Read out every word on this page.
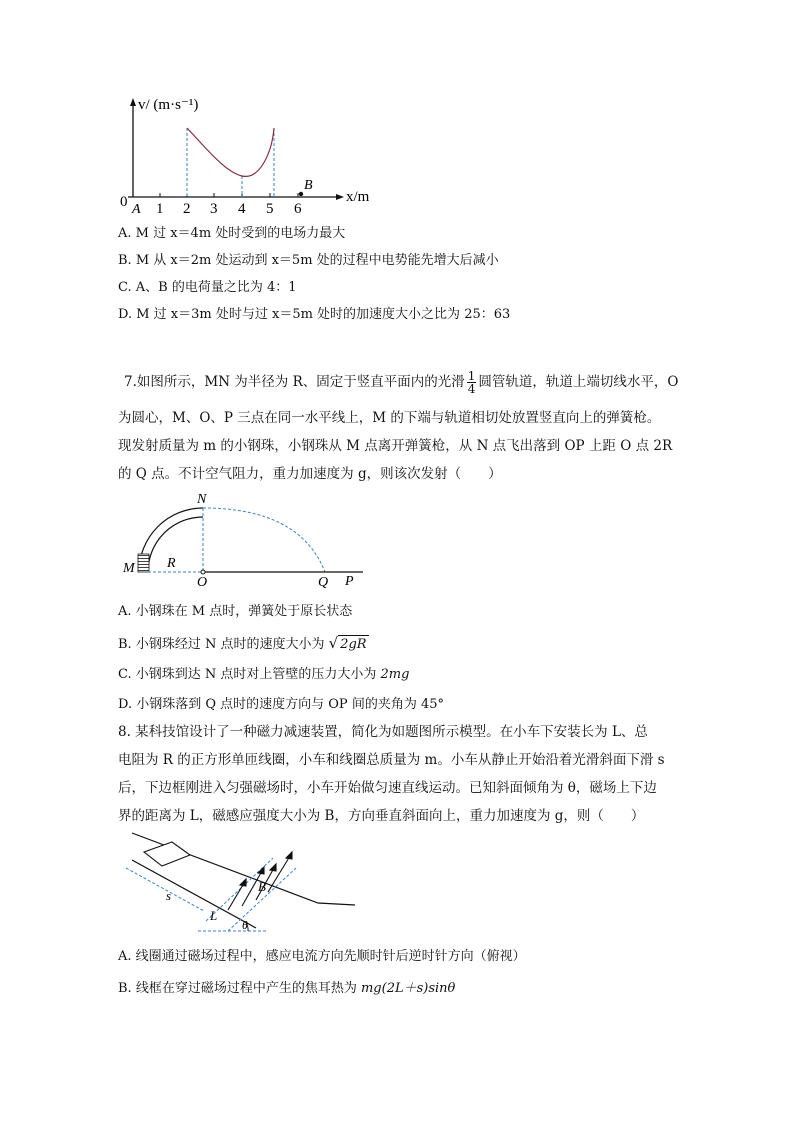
v/ (m·s⁻¹)
x/m
0 A 1 2 3 4 5 6
B
A. M 过 x＝4m 处时受到的电场力最大
B. M 从 x＝2m 处运动到 x＝5m 处的过程中电势能先增大后减小
C. A、B 的电荷量之比为 4：1
D. M 过 x＝3m 处时与过 x＝5m 处时的加速度大小之比为 25：63
7.如图所示，MN 为半径为 R、固定于竖直平面内的光滑 $\frac{1}{4}$ 圆管轨道，轨道上端切线水平，O
为圆心，M、O、P 三点在同一水平线上，M 的下端与轨道相切处放置竖直向上的弹簧枪。
现发射质量为 m 的小钢珠，小钢珠从 M 点离开弹簧枪，从 N 点飞出落到 OP 上距 O 点 2R
的 Q 点。不计空气阻力，重力加速度为 g，则该次发射（　　）
N
M R
O	Q P
A. 小钢珠在 M 点时，弹簧处于原长状态
B. 小钢珠经过 N 点时的速度大小为 √ 2gR
C. 小钢珠到达 N 点时对上管壁的压力大小为 2mg
D. 小钢珠落到 Q 点时的速度方向与 OP 间的夹角为 45°
8. 某科技馆设计了一种磁力减速装置，简化为如题图所示模型。在小车下安装长为 L、总
电阻为 R 的正方形单匝线圈，小车和线圈总质量为 m。小车从静止开始沿着光滑斜面下滑 s
后，下边框刚进入匀强磁场时，小车开始做匀速直线运动。已知斜面倾角为 θ，磁场上下边
界的距离为 L，磁感应强度大小为 B，方向垂直斜面向上，重力加速度为 g，则（　　）
s
L
B
θ
A. 线圈通过磁场过程中，感应电流方向先顺时针后逆时针方向（俯视）
B. 线框在穿过磁场过程中产生的焦耳热为 mg(2L＋s)sinθ
